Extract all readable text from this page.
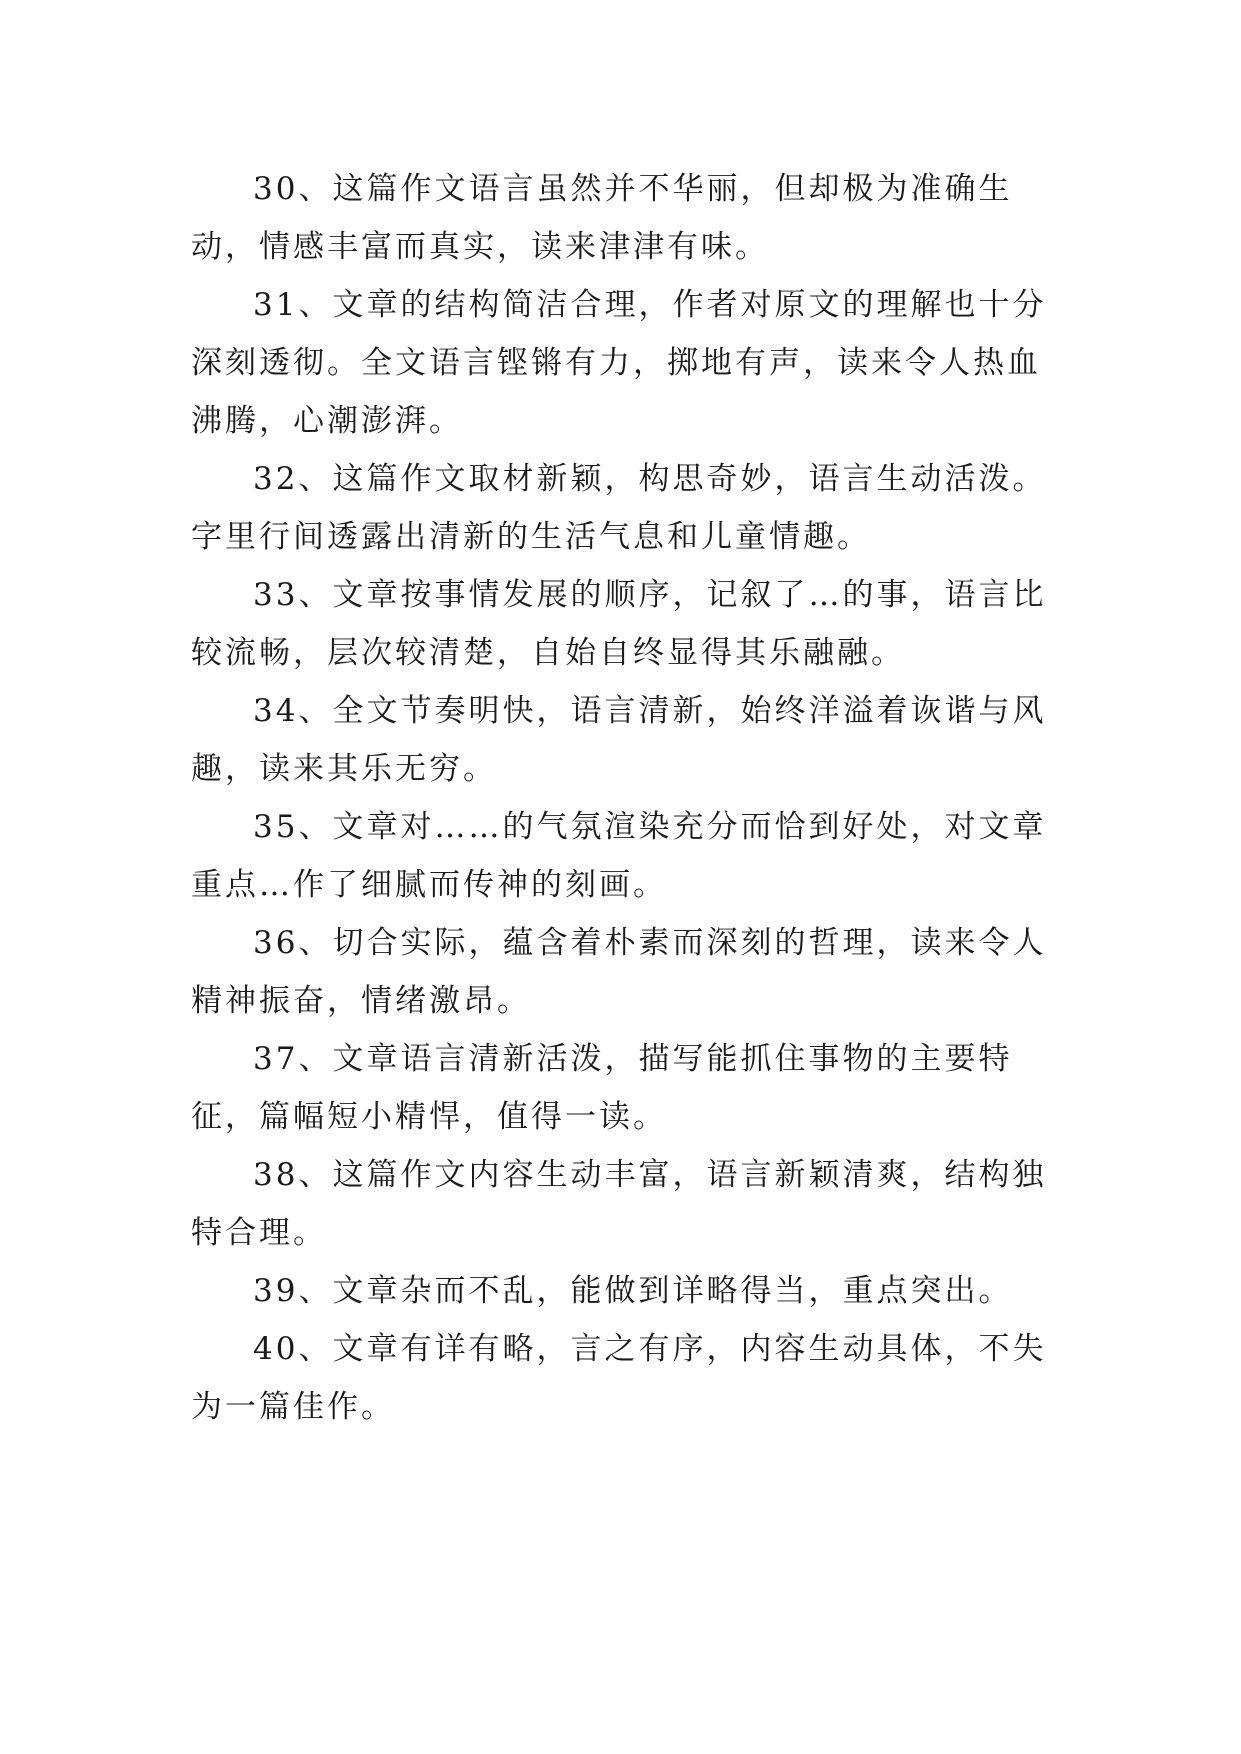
30、这篇作文语言虽然并不华丽，但却极为准确生动，情感丰富而真实，读来津津有味。

31、文章的结构简洁合理，作者对原文的理解也十分深刻透彻。全文语言铿锵有力，掷地有声，读来令人热血沸腾，心潮澎湃。

32、这篇作文取材新颖，构思奇妙，语言生动活泼。字里行间透露出清新的生活气息和儿童情趣。

33、文章按事情发展的顺序，记叙了…的事，语言比较流畅，层次较清楚，自始自终显得其乐融融。

34、全文节奏明快，语言清新，始终洋溢着诙谐与风趣，读来其乐无穷。

35、文章对……的气氛渲染充分而恰到好处，对文章重点…作了细腻而传神的刻画。

36、切合实际，蕴含着朴素而深刻的哲理，读来令人精神振奋，情绪激昂。

37、文章语言清新活泼，描写能抓住事物的主要特征，篇幅短小精悍，值得一读。

38、这篇作文内容生动丰富，语言新颖清爽，结构独特合理。

39、文章杂而不乱，能做到详略得当，重点突出。

40、文章有详有略，言之有序，内容生动具体，不失为一篇佳作。
